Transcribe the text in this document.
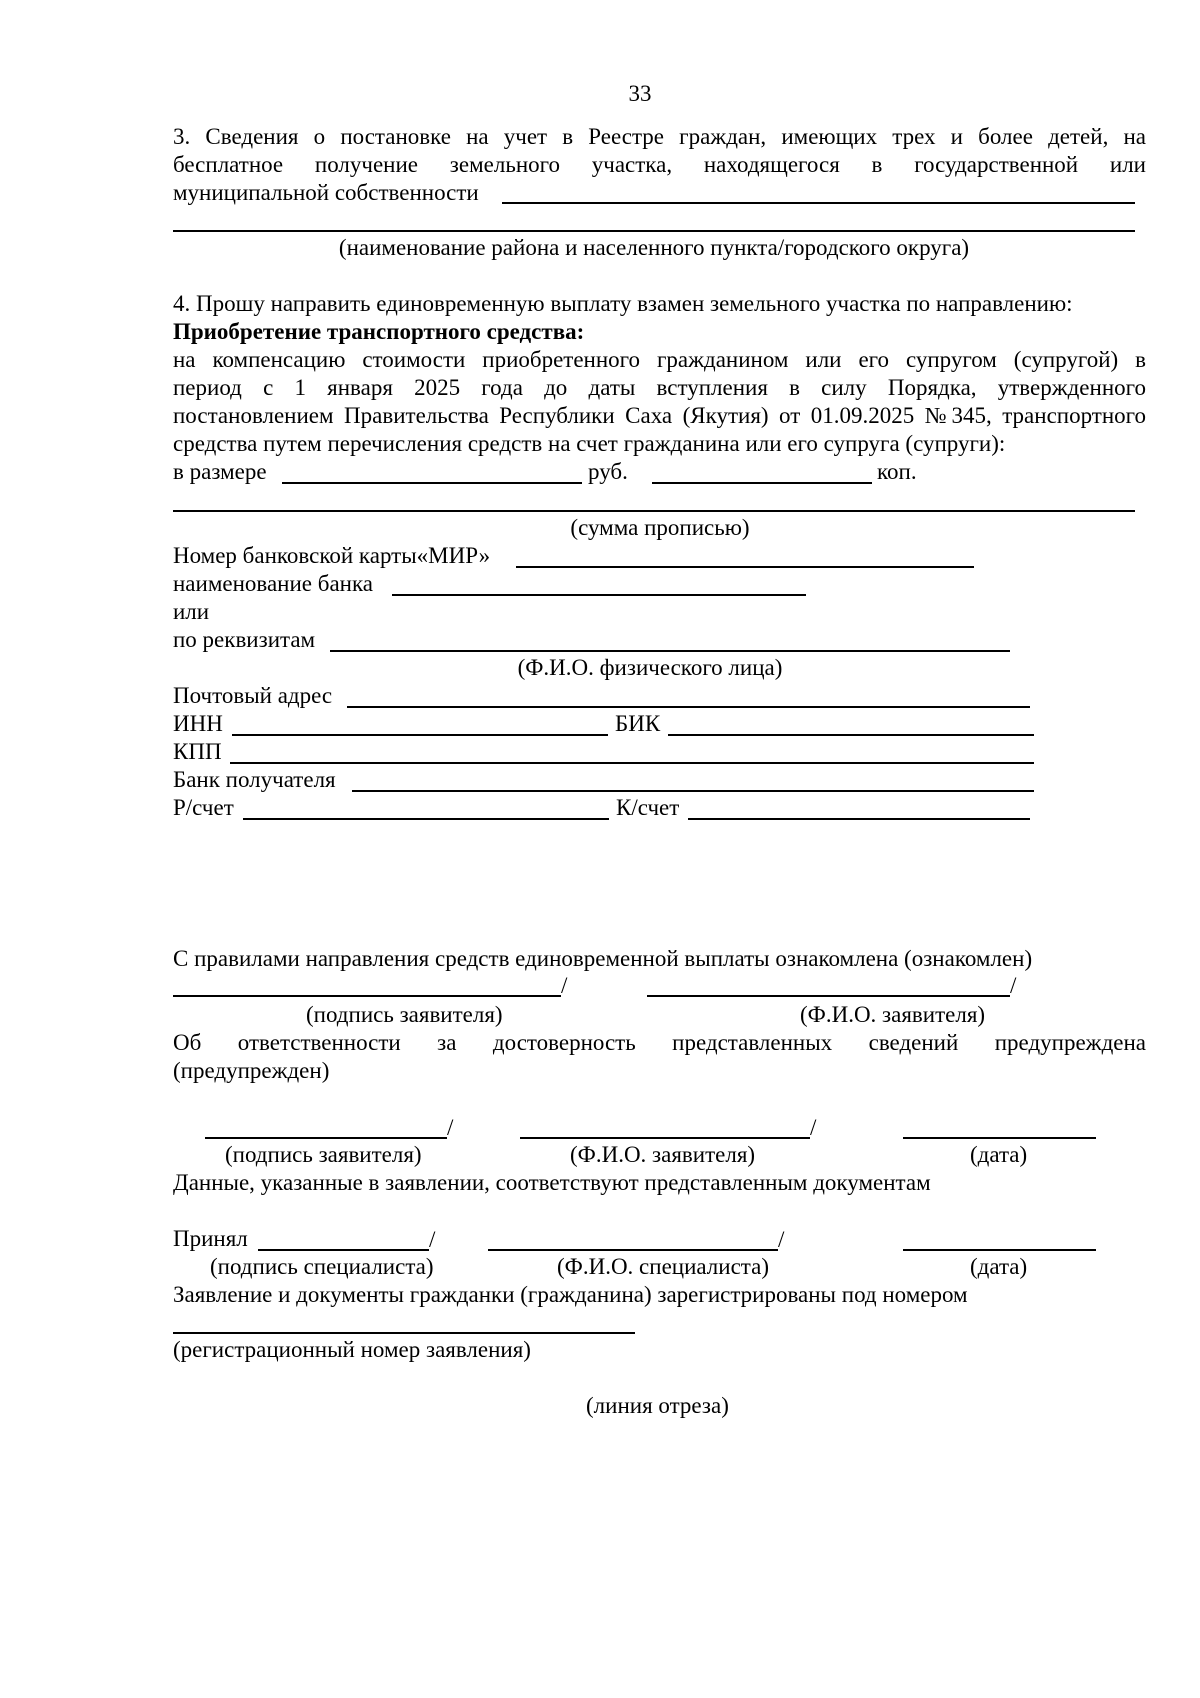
33
3. Сведения о постановке на учет в Реестре граждан, имеющих трех и более детей, на
бесплатное получение земельного участка, находящегося в государственной или
муниципальной собственности
(наименование района и населенного пункта/городского округа)
4. Прошу направить единовременную выплату взамен земельного участка по направлению:
Приобретение транспортного средства:
на компенсацию стоимости приобретенного гражданином или его супругом (супругой) в
период с 1 января 2025 года до даты вступления в силу Порядка, утвержденного
постановлением Правительства Республики Саха (Якутия) от 01.09.2025 №345, транспортного
средства путем перечисления средств на счет гражданина или его супруга (супруги):
в размере	руб.	коп.
(сумма прописью)
Номер банковской карты«МИР»
наименование банка
или
по реквизитам
(Ф.И.О. физического лица)
Почтовый адрес
ИНН	БИК
КПП
Банк получателя
Р/счет	К/счет
С правилами направления средств единовременной выплаты ознакомлена (ознакомлен)
/	/
(подпись заявителя)	(Ф.И.О. заявителя)
Об ответственности за достоверность представленных сведений предупреждена
(предупрежден)
/	/
(подпись заявителя)	(Ф.И.О. заявителя)	(дата)
Данные, указанные в заявлении, соответствуют представленным документам
Принял	/	/
(подпись специалиста)	(Ф.И.О. специалиста)	(дата)
Заявление и документы гражданки (гражданина) зарегистрированы под номером
(регистрационный номер заявления)
(линия отреза)
